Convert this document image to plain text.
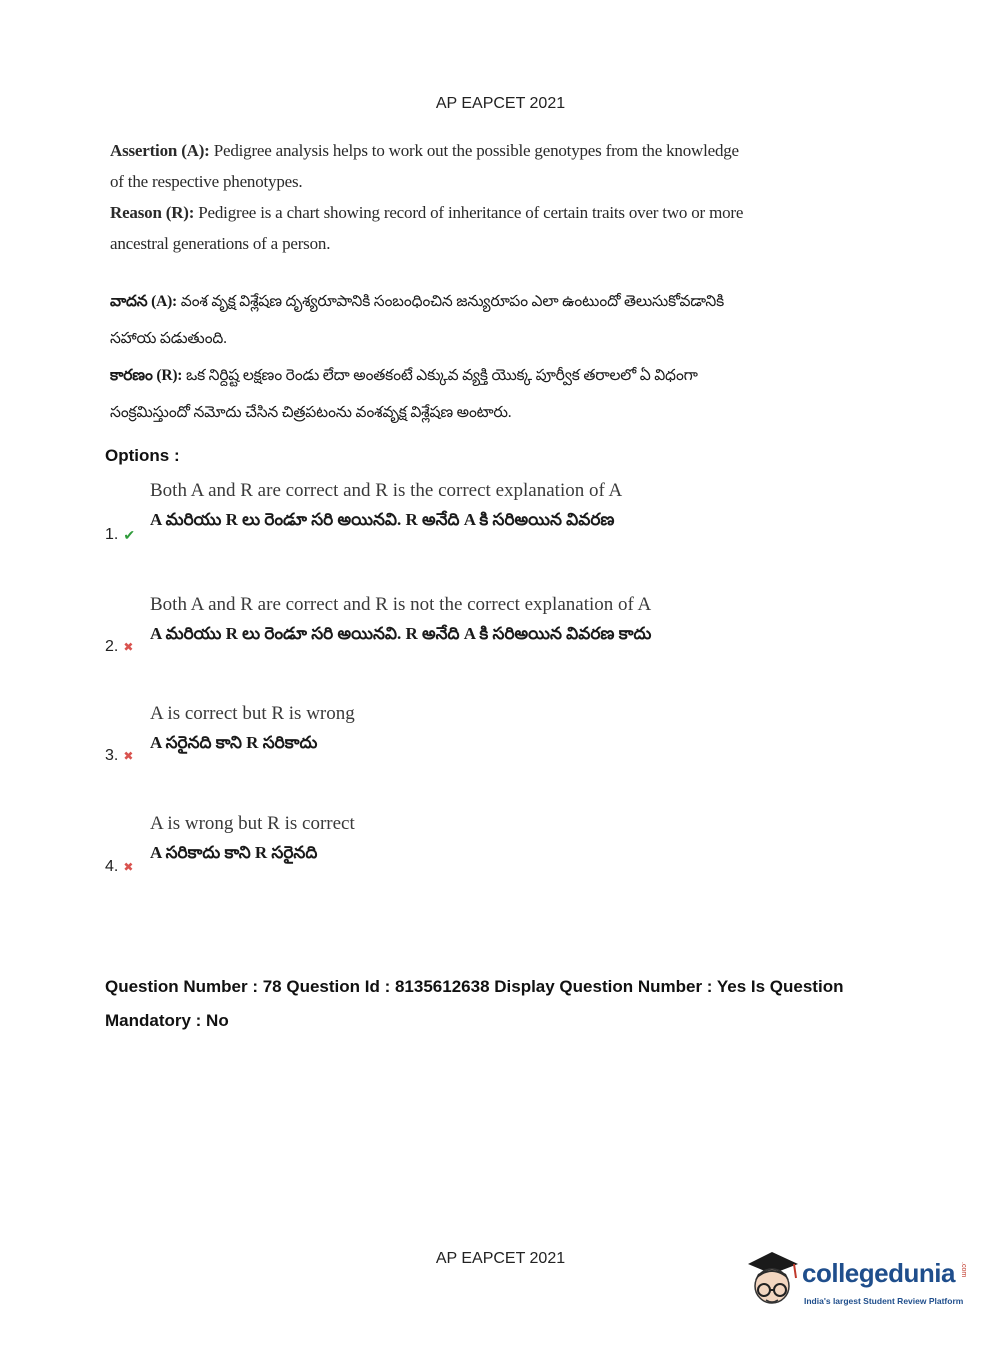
AP EAPCET 2021
Assertion (A): Pedigree analysis helps to work out the possible genotypes from the knowledge of the respective phenotypes.
Reason (R): Pedigree is a chart showing record of inheritance of certain traits over two or more ancestral generations of a person.
వాదన (A): వంశ వృక్ష విశ్లేషణ దృశ్యరూపానికి సంబంధించిన జన్యురూపం ఎలా ఉంటుందో తెలుసుకోవడానికి సహాయ పడుతుంది.
కారణం (R): ఒక నిర్దిష్ట లక్షణం రెండు లేదా అంతకంటే ఎక్కువ వ్యక్తి యొక్క పూర్వీక తరాలలో ఏ విధంగా సంక్రమిస్తుందో నమోదు చేసిన చిత్రపటంను వంశవృక్ష విశ్లేషణ అంటారు.
Options :
Both A and R are correct and R is the correct explanation of A
A మరియు R లు రెండూ సరి అయినవి. R అనేది A కి సరిఅయిన వివరణ
1. ✔
Both A and R are correct and R is not the correct explanation of A
A మరియు R లు రెండూ సరి అయినవి. R అనేది A కి సరిఅయిన వివరణ కాదు
2. ✖
A is correct but R is wrong
A సరైనది కాని R సరికాదు
3. ✖
A is wrong but R is correct
A సరికాదు కాని R సరైనది
4. ✖
Question Number : 78 Question Id : 8135612638 Display Question Number : Yes Is Question Mandatory : No
AP EAPCET 2021	collegedunia .com
India's largest Student Review Platform
